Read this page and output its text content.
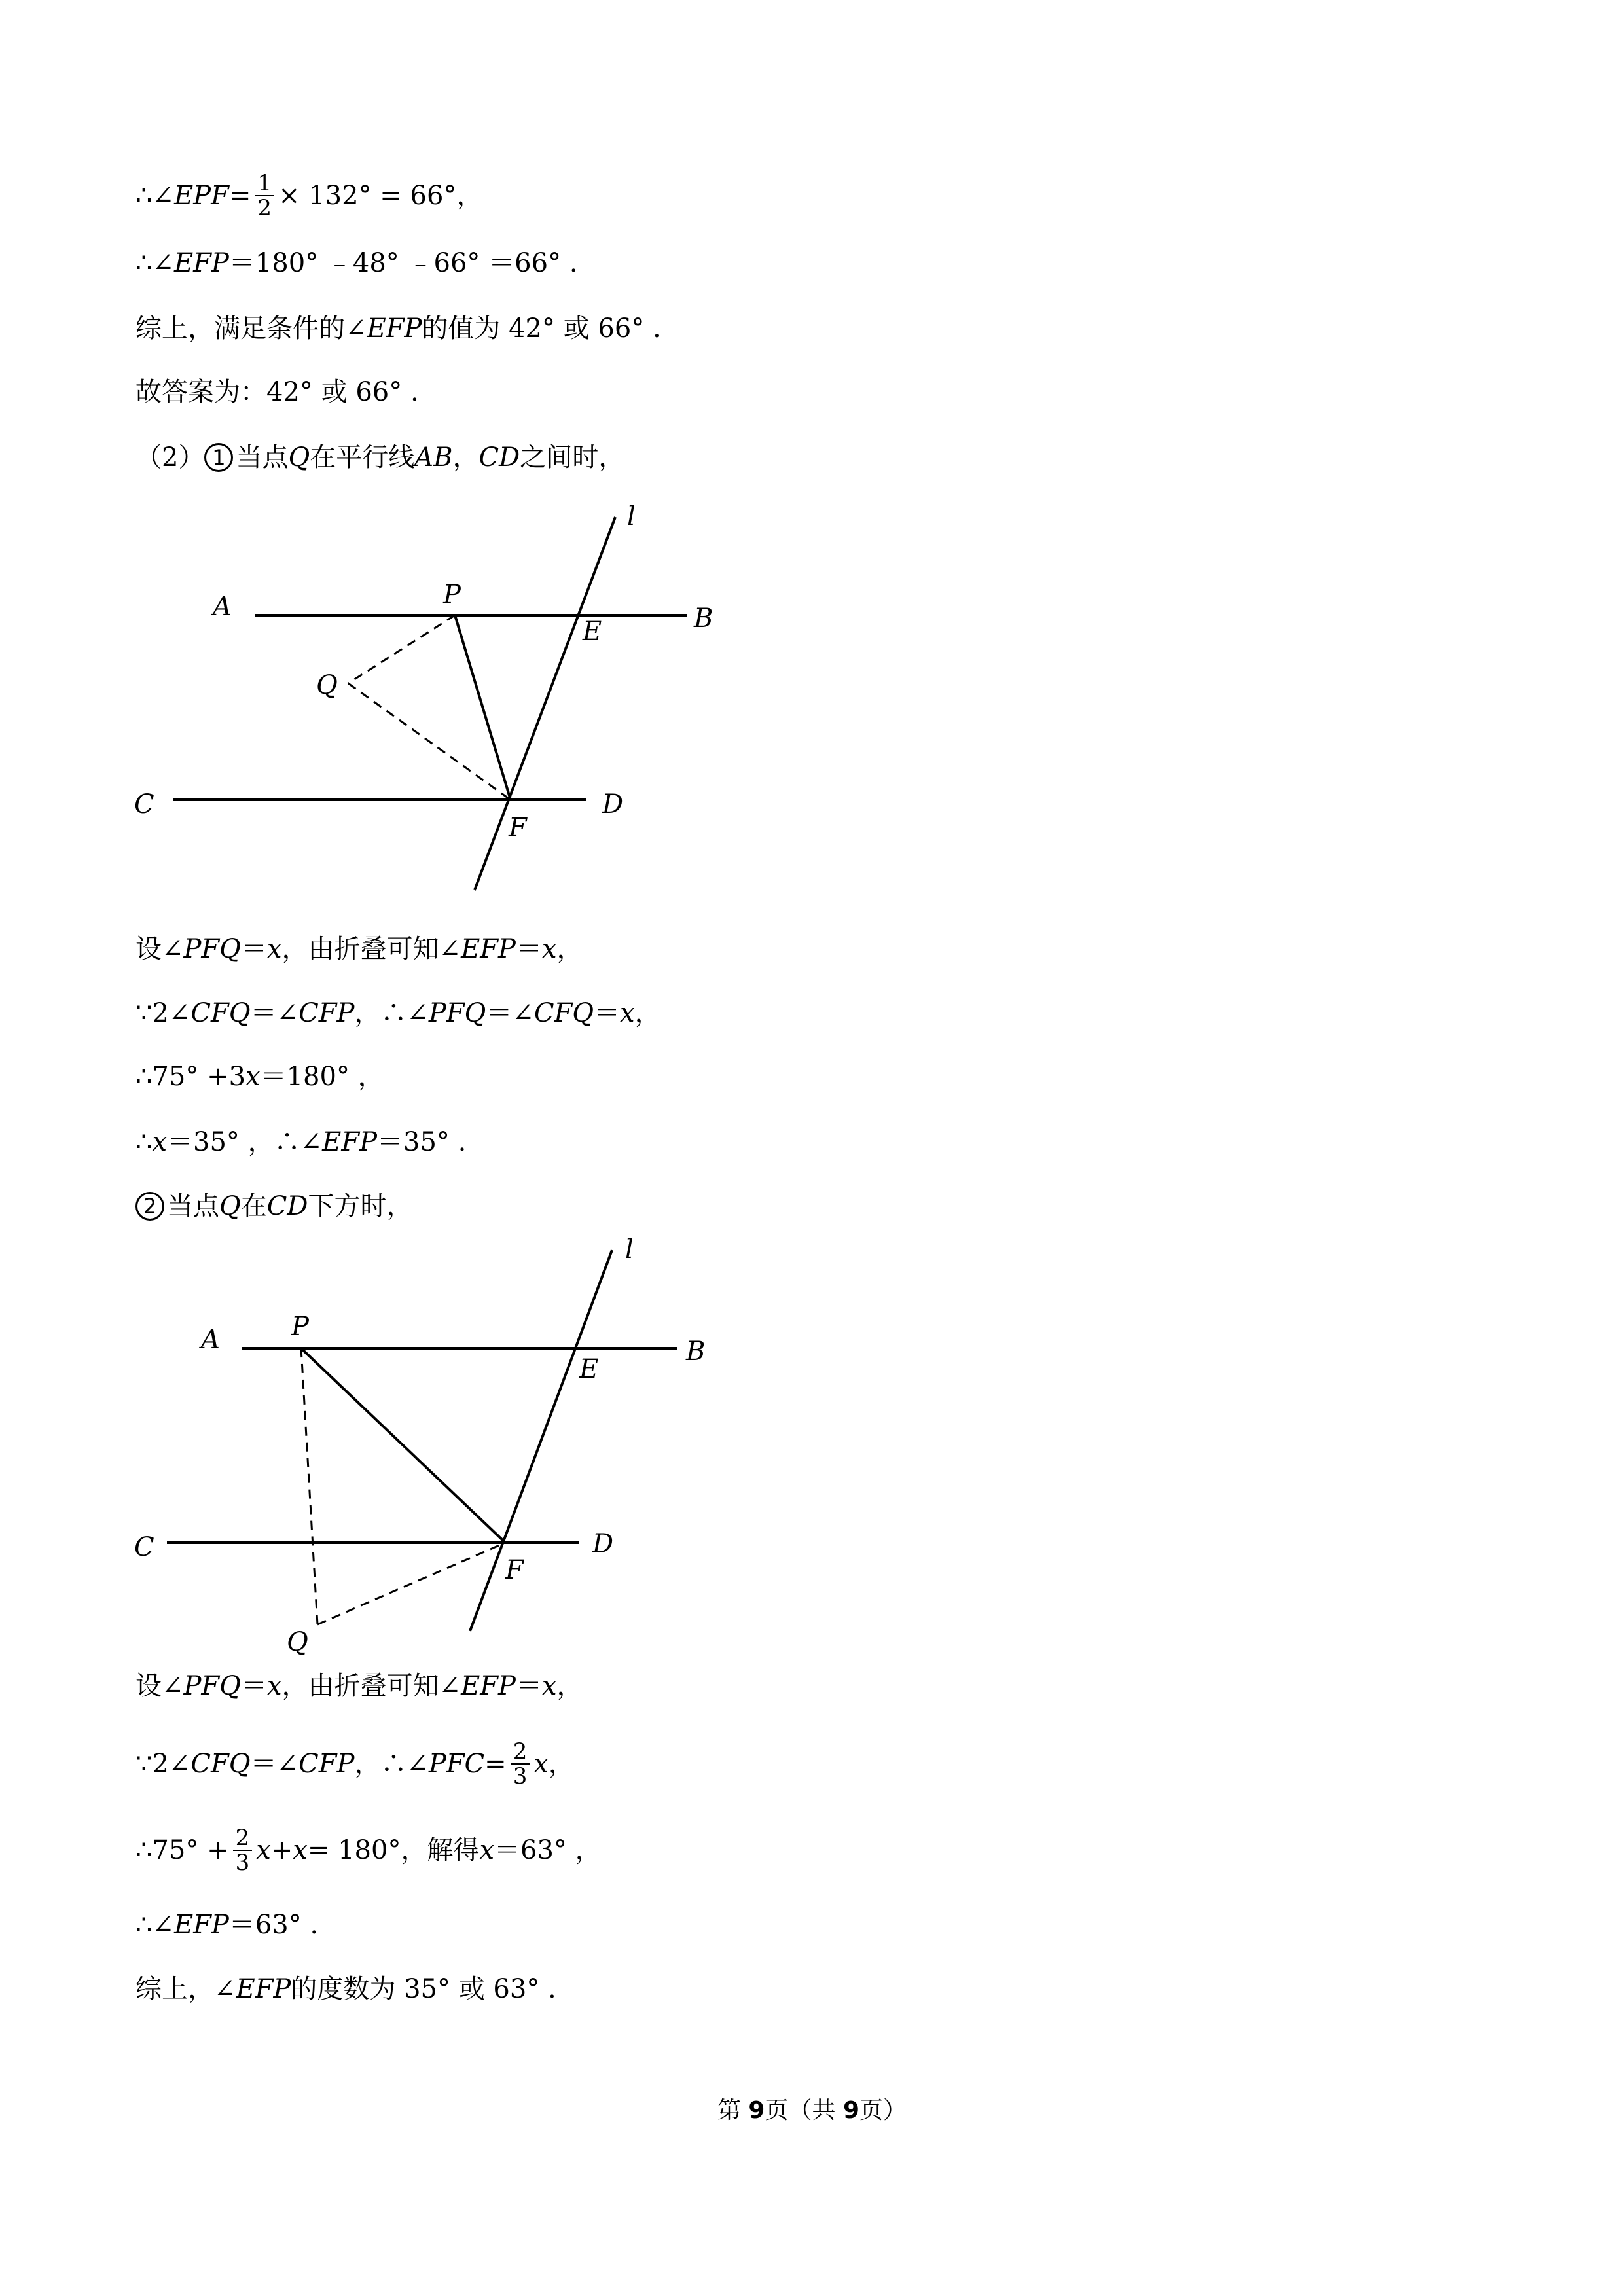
∴∠ EPF = $\frac{1}{2} \times 132^\circ = 66^\circ$，
∴∠ EFP ＝180° ﹣48° ﹣66° ＝66° .
综上，满足条件的∠ EFP 的值为 42° 或 66° .
故答案为：42° 或 66° .
（2） 1 当点 Q 在平行线 AB ， CD 之间时，
A	B
C	D
P
E
Q
F
l
设∠ PFQ ＝ x ，由折叠可知∠ EFP ＝ x ，
∵2∠ CFQ ＝∠ CFP ，∴∠ PFQ ＝∠ CFQ ＝ x ，
∴75° +3 x ＝180° ，
∴ x ＝35° ，∴∠ EFP ＝35° .
2 当点 Q 在 CD 下方时，
A	B
C	D
P
E
Q
F
l
设∠ PFQ ＝ x ，由折叠可知∠ EFP ＝ x ，
∵2∠ CFQ ＝∠ CFP ，∴∠ PFC = $\frac{2}{3}$ x ，
∴75° + $\frac{2}{3}$ x + x = 180°，解得 x ＝63° ，
∴∠ EFP ＝63° .
综上，∠ EFP 的度数为 35° 或 63° .
第 9页（共 9页）
